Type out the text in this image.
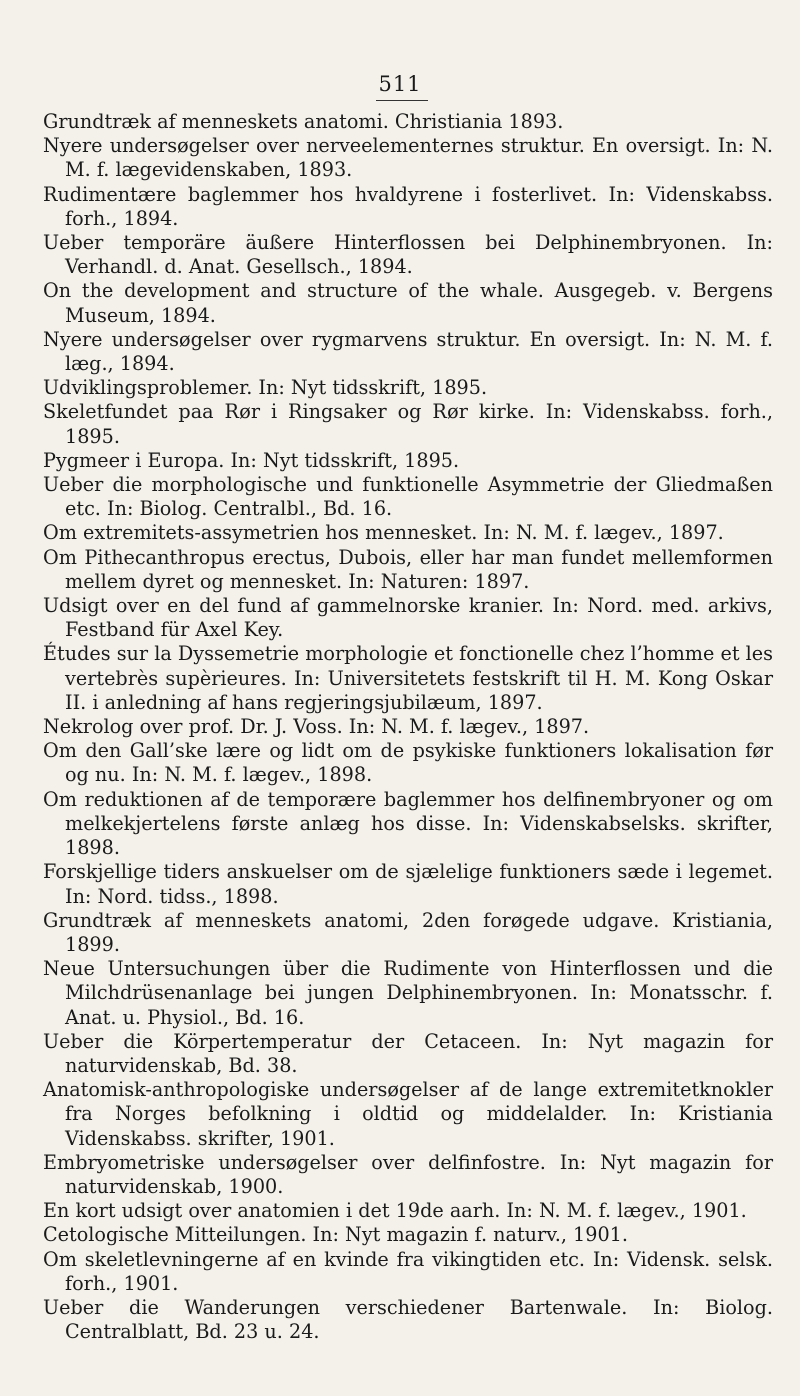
511
Grundtræk af menneskets anatomi. Christiania 1893.
Nyere undersøgelser over nerveelementernes struktur. En oversigt. In: N. M. f. lægevidenskaben, 1893.
Rudimentære baglemmer hos hvaldyrene i fosterlivet. In: Videnskabss. forh., 1894.
Ueber temporäre äußere Hinterflossen bei Delphinembryonen. In: Verhandl. d. Anat. Gesellsch., 1894.
On the development and structure of the whale. Ausgegeb. v. Bergens Museum, 1894.
Nyere undersøgelser over rygmarvens struktur. En oversigt. In: N. M. f. læg., 1894.
Udviklingsproblemer. In: Nyt tidsskrift, 1895.
Skeletfundet paa Rør i Ringsaker og Rør kirke. In: Videnskabss. forh., 1895.
Pygmeer i Europa. In: Nyt tidsskrift, 1895.
Ueber die morphologische und funktionelle Asymmetrie der Gliedmaßen etc. In: Biolog. Centralbl., Bd. 16.
Om extremitets-assymetrien hos mennesket. In: N. M. f. lægev., 1897.
Om Pithecanthropus erectus, Dubois, eller har man fundet mellemformen mellem dyret og mennesket. In: Naturen: 1897.
Udsigt over en del fund af gammelnorske kranier. In: Nord. med. arkivs, Festband für Axel Key.
Études sur la Dyssemetrie morphologie et fonctionelle chez l’homme et les vertebrès supèrieures. In: Universitetets festskrift til H. M. Kong Oskar II. i anledning af hans regjeringsjubilæum, 1897.
Nekrolog over prof. Dr. J. Voss. In: N. M. f. lægev., 1897.
Om den Gall’ske lære og lidt om de psykiske funktioners lokalisation før og nu. In: N. M. f. lægev., 1898.
Om reduktionen af de temporære baglemmer hos delfinembryoner og om melkekjertelens første anlæg hos disse. In: Videnskabselsks. skrifter, 1898.
Forskjellige tiders anskuelser om de sjælelige funktioners sæde i legemet. In: Nord. tidss., 1898.
Grundtræk af menneskets anatomi, 2den forøgede udgave. Kristiania, 1899.
Neue Untersuchungen über die Rudimente von Hinterflossen und die Milchdrüsenanlage bei jungen Delphinembryonen. In: Monatsschr. f. Anat. u. Physiol., Bd. 16.
Ueber die Körpertemperatur der Cetaceen. In: Nyt magazin for naturvidenskab, Bd. 38.
Anatomisk-anthropologiske undersøgelser af de lange extremitetknokler fra Norges befolkning i oldtid og middelalder. In: Kristiania Videnskabss. skrifter, 1901.
Embryometriske undersøgelser over delfinfostre. In: Nyt magazin for naturvidenskab, 1900.
En kort udsigt over anatomien i det 19de aarh. In: N. M. f. lægev., 1901.
Cetologische Mitteilungen. In: Nyt magazin f. naturv., 1901.
Om skeletlevningerne af en kvinde fra vikingtiden etc. In: Vidensk. selsk. forh., 1901.
Ueber die Wanderungen verschiedener Bartenwale. In: Biolog. Centralblatt, Bd. 23 u. 24.
